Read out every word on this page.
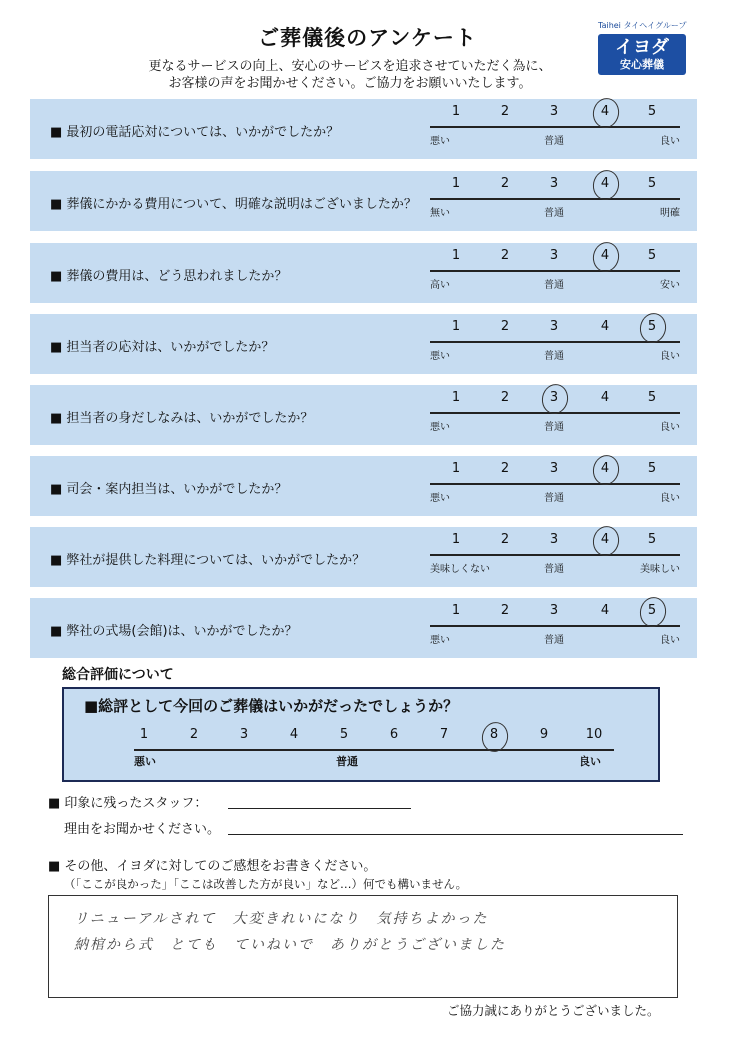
ご葬儀後のアンケート
更なるサービスの向上、安心のサービスを追求させていただく為に、
お客様の声をお聞かせください。ご協力をお願いいたします。
Taihei タイヘイグループ
イヨダ
安心葬儀
■ 最初の電話応対については、いかがでしたか？
1	2	3	4	5
悪い	普通	良い
■ 葬儀にかかる費用について、明確な説明はございましたか？
1	2	3	4	5
無い	普通	明確
■ 葬儀の費用は、どう思われましたか？
1	2	3	4	5
高い	普通	安い
■ 担当者の応対は、いかがでしたか？
1	2	3	4	5
悪い	普通	良い
■ 担当者の身だしなみは、いかがでしたか？
1	2	3	4	5
悪い	普通	良い
■ 司会・案内担当は、いかがでしたか？
1	2	3	4	5
悪い	普通	良い
■ 弊社が提供した料理については、いかがでしたか？
1	2	3	4	5
美味しくない	普通	美味しい
■ 弊社の式場(会館)は、いかがでしたか？
1	2	3	4	5
悪い	普通	良い
総合評価について
■総評として今回のご葬儀はいかがだったでしょうか？
悪い	普通	良い
1	2	3	4	5	6	7	8	9	10
■ 印象に残ったスタッフ：
理由をお聞かせください。
■ その他、イヨダに対してのご感想をお書きください。
（「ここが良かった」「ここは改善した方が良い」など…）何でも構いません。
リニューアルされて　大変きれいになり　気持ちよかった
納棺から式　とても　ていねいで　ありがとうございました
ご協力誠にありがとうございました。
